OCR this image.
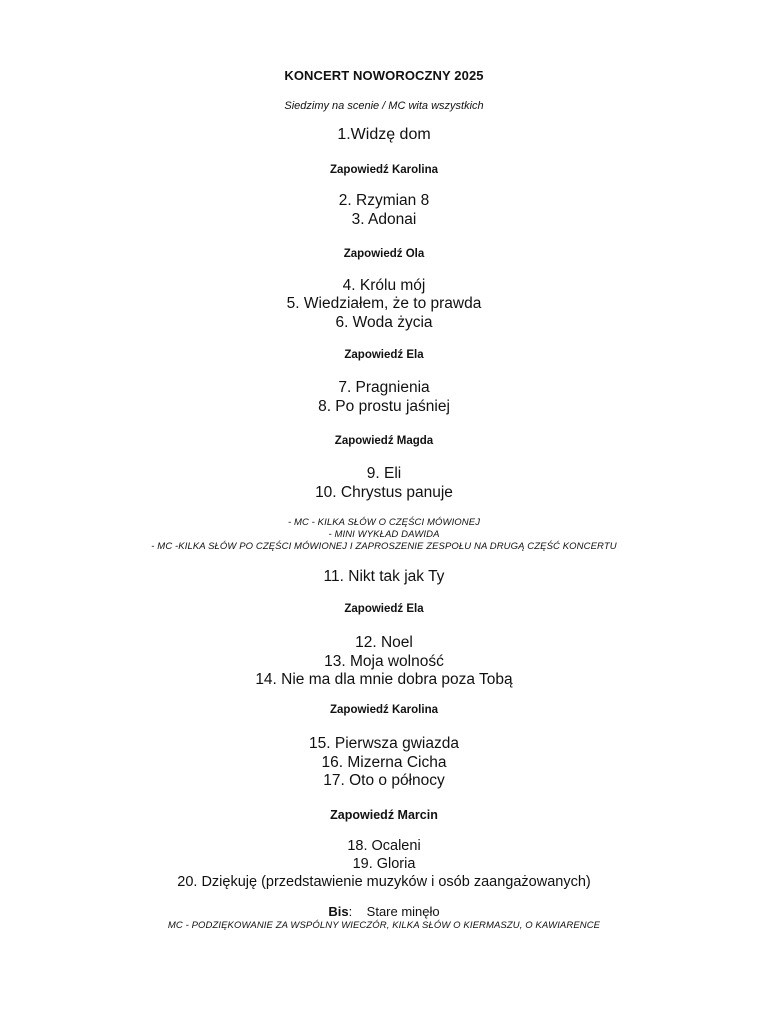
KONCERT NOWOROCZNY 2025
Siedzimy na scenie / MC wita wszystkich
1.Widzę dom
Zapowiedź Karolina
2. Rzymian 8
3. Adonai
Zapowiedź Ola
4. Królu mój
5. Wiedziałem, że to prawda
6. Woda życia
Zapowiedź Ela
7. Pragnienia
8. Po prostu jaśniej
Zapowiedź Magda
9. Eli
10. Chrystus panuje
- MC - KILKA SŁÓW O CZĘŚCI MÓWIONEJ
- MINI WYKŁAD DAWIDA
- MC -KILKA SŁÓW PO CZĘŚCI MÓWIONEJ I ZAPROSZENIE ZESPOŁU NA DRUGĄ CZĘŚĆ KONCERTU
11. Nikt tak jak Ty
Zapowiedź Ela
12. Noel
13. Moja wolność
14. Nie ma dla mnie dobra poza Tobą
Zapowiedź Karolina
15. Pierwsza gwiazda
16. Mizerna Cicha
17. Oto o północy
Zapowiedź Marcin
18. Ocaleni
19. Gloria
20. Dziękuję (przedstawienie muzyków i osób zaangażowanych)
Bis: Stare minęło
MC - PODZIĘKOWANIE ZA WSPÓLNY WIECZÓR, KILKA SŁÓW O KIERMASZU, O KAWIARENCE
